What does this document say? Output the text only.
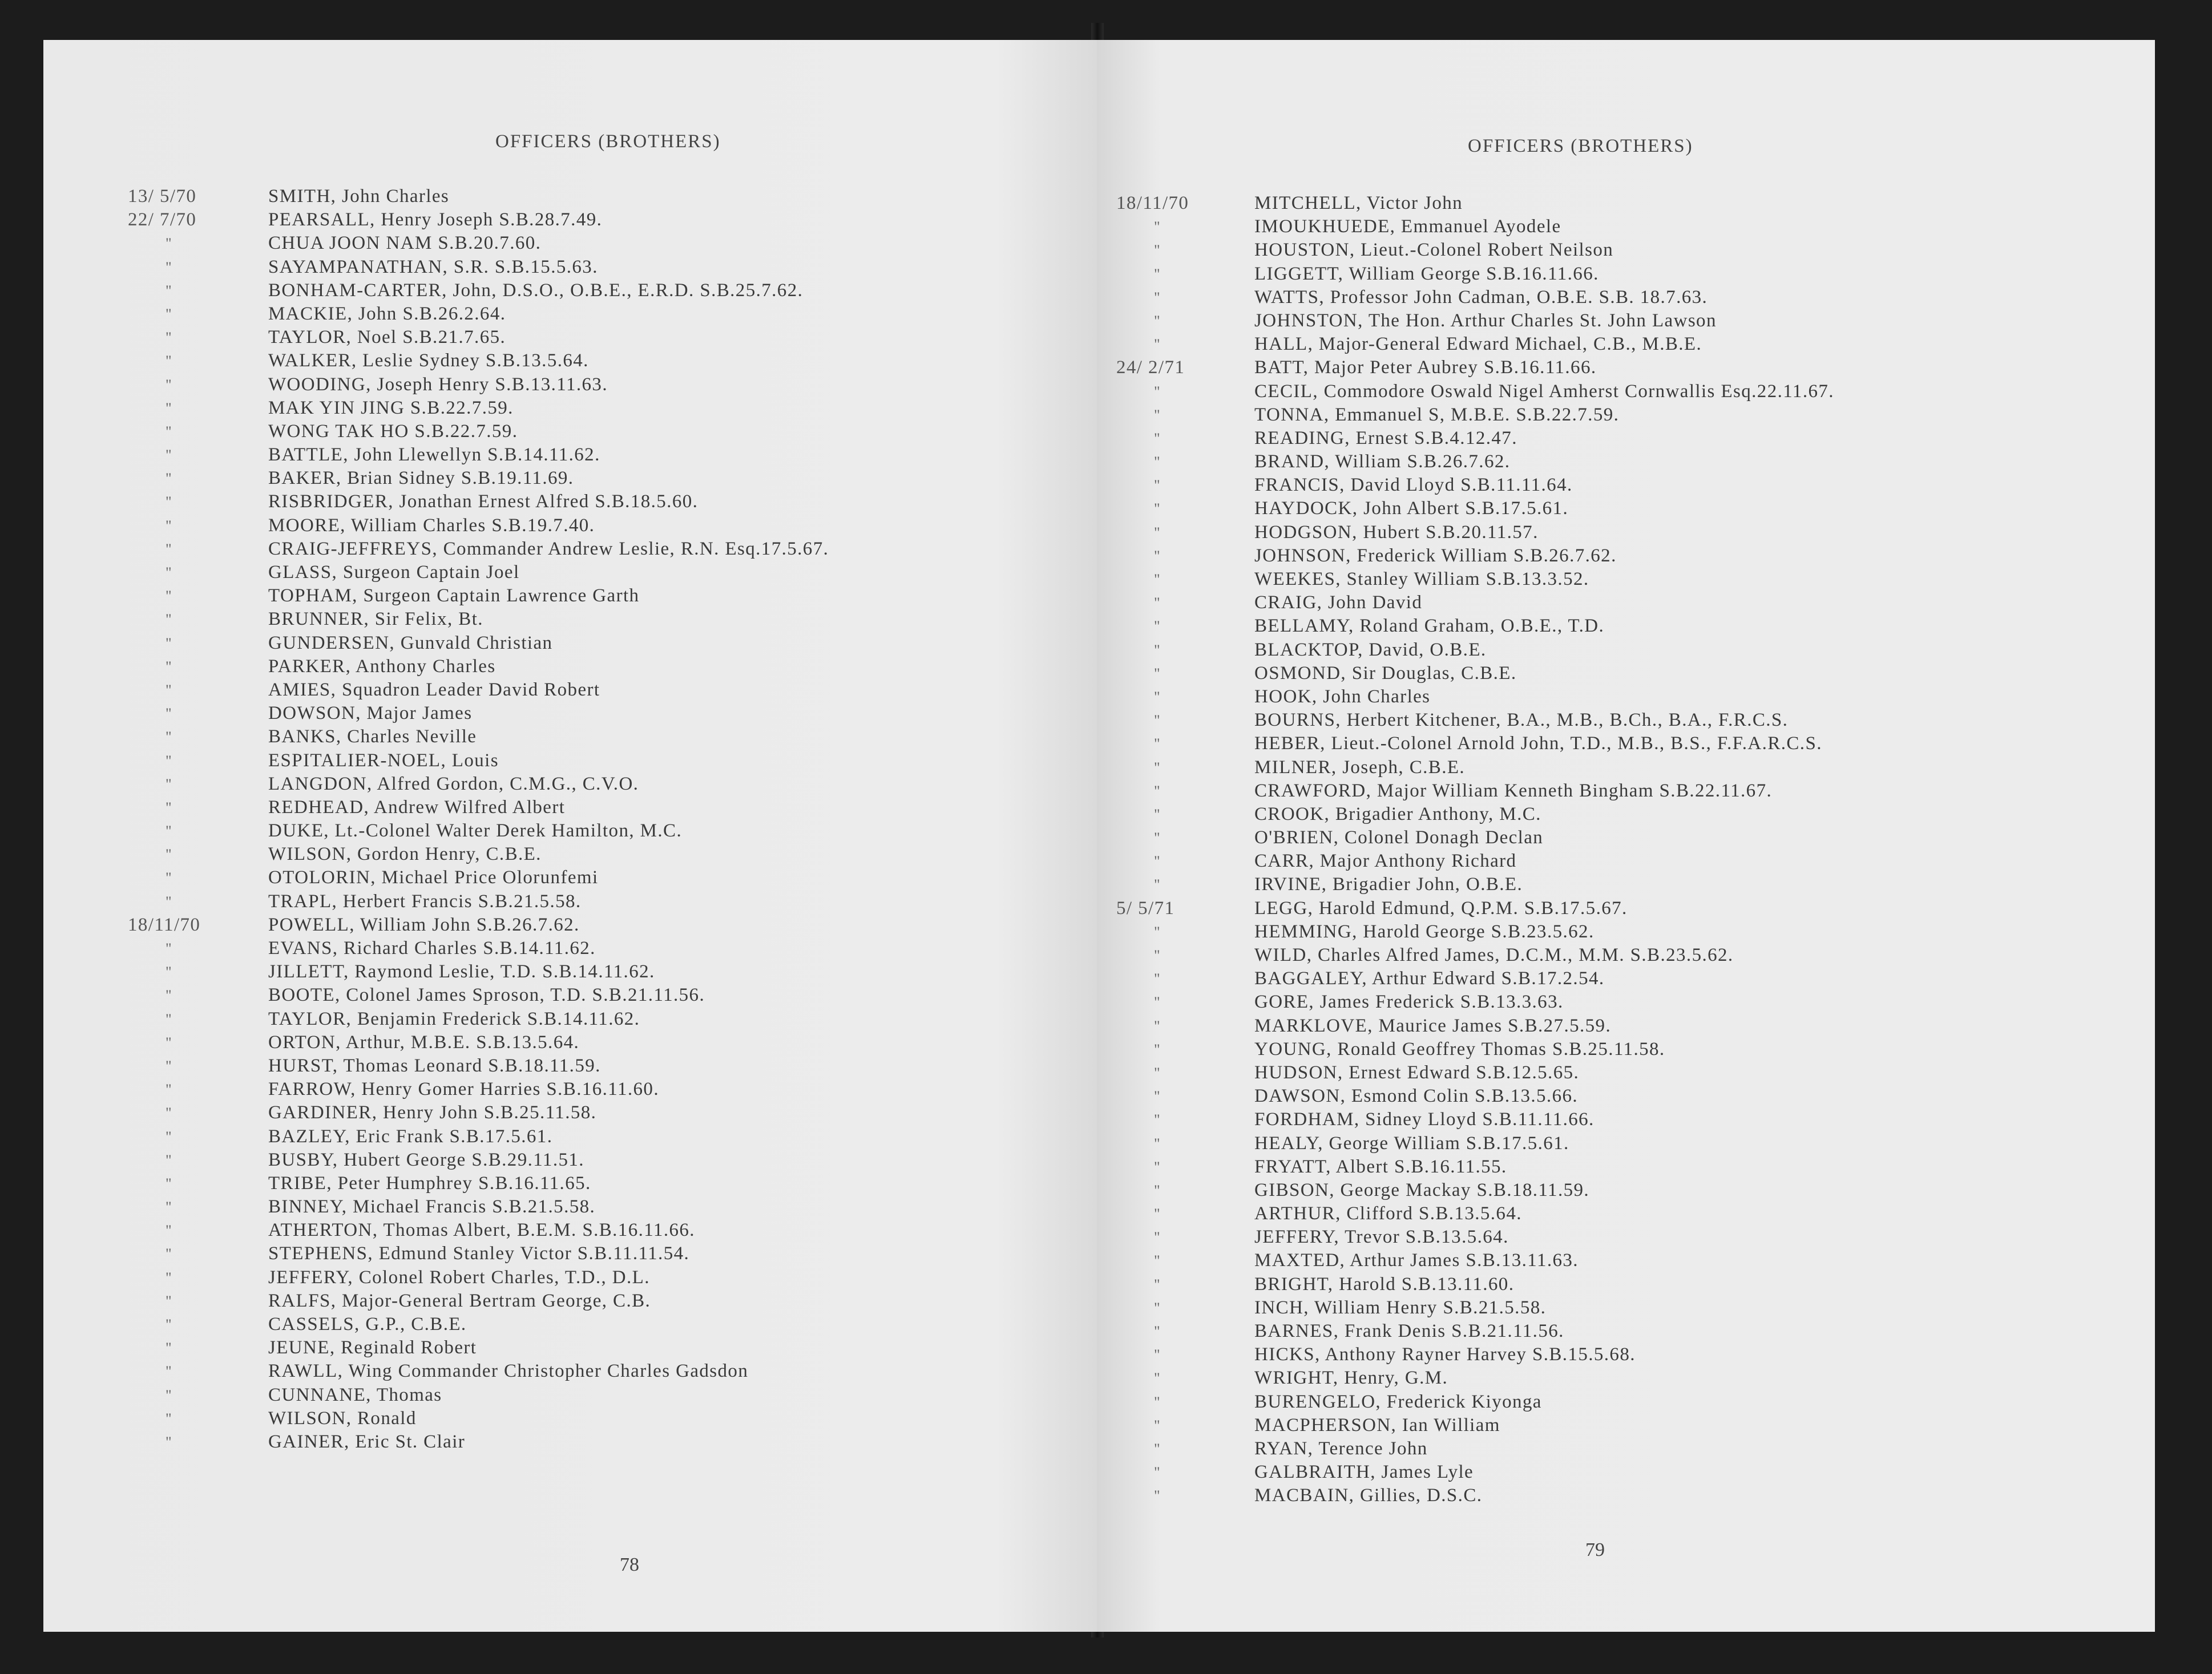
OFFICERS (BROTHERS)
13/ 5/70	SMITH, John Charles
22/ 7/70	PEARSALL, Henry Joseph S.B.28.7.49.
"	CHUA JOON NAM S.B.20.7.60.
"	SAYAMPANATHAN, S.R. S.B.15.5.63.
"	BONHAM-CARTER, John, D.S.O., O.B.E., E.R.D. S.B.25.7.62.
"	MACKIE, John S.B.26.2.64.
"	TAYLOR, Noel S.B.21.7.65.
"	WALKER, Leslie Sydney S.B.13.5.64.
"	WOODING, Joseph Henry S.B.13.11.63.
"	MAK YIN JING S.B.22.7.59.
"	WONG TAK HO S.B.22.7.59.
"	BATTLE, John Llewellyn S.B.14.11.62.
"	BAKER, Brian Sidney S.B.19.11.69.
"	RISBRIDGER, Jonathan Ernest Alfred S.B.18.5.60.
"	MOORE, William Charles S.B.19.7.40.
"	CRAIG-JEFFREYS, Commander Andrew Leslie, R.N. Esq.17.5.67.
"	GLASS, Surgeon Captain Joel
"	TOPHAM, Surgeon Captain Lawrence Garth
"	BRUNNER, Sir Felix, Bt.
"	GUNDERSEN, Gunvald Christian
"	PARKER, Anthony Charles
"	AMIES, Squadron Leader David Robert
"	DOWSON, Major James
"	BANKS, Charles Neville
"	ESPITALIER-NOEL, Louis
"	LANGDON, Alfred Gordon, C.M.G., C.V.O.
"	REDHEAD, Andrew Wilfred Albert
"	DUKE, Lt.-Colonel Walter Derek Hamilton, M.C.
"	WILSON, Gordon Henry, C.B.E.
"	OTOLORIN, Michael Price Olorunfemi
"	TRAPL, Herbert Francis S.B.21.5.58.
18/11/70	POWELL, William John S.B.26.7.62.
"	EVANS, Richard Charles S.B.14.11.62.
"	JILLETT, Raymond Leslie, T.D. S.B.14.11.62.
"	BOOTE, Colonel James Sproson, T.D. S.B.21.11.56.
"	TAYLOR, Benjamin Frederick S.B.14.11.62.
"	ORTON, Arthur, M.B.E. S.B.13.5.64.
"	HURST, Thomas Leonard S.B.18.11.59.
"	FARROW, Henry Gomer Harries S.B.16.11.60.
"	GARDINER, Henry John S.B.25.11.58.
"	BAZLEY, Eric Frank S.B.17.5.61.
"	BUSBY, Hubert George S.B.29.11.51.
"	TRIBE, Peter Humphrey S.B.16.11.65.
"	BINNEY, Michael Francis S.B.21.5.58.
"	ATHERTON, Thomas Albert, B.E.M. S.B.16.11.66.
"	STEPHENS, Edmund Stanley Victor S.B.11.11.54.
"	JEFFERY, Colonel Robert Charles, T.D., D.L.
"	RALFS, Major-General Bertram George, C.B.
"	CASSELS, G.P., C.B.E.
"	JEUNE, Reginald Robert
"	RAWLL, Wing Commander Christopher Charles Gadsdon
"	CUNNANE, Thomas
"	WILSON, Ronald
"	GAINER, Eric St. Clair
78
OFFICERS (BROTHERS)
18/11/70	MITCHELL, Victor John
"	IMOUKHUEDE, Emmanuel Ayodele
"	HOUSTON, Lieut.-Colonel Robert Neilson
"	LIGGETT, William George S.B.16.11.66.
"	WATTS, Professor John Cadman, O.B.E. S.B. 18.7.63.
"	JOHNSTON, The Hon. Arthur Charles St. John Lawson
"	HALL, Major-General Edward Michael, C.B., M.B.E.
24/ 2/71	BATT, Major Peter Aubrey S.B.16.11.66.
"	CECIL, Commodore Oswald Nigel Amherst Cornwallis Esq.22.11.67.
"	TONNA, Emmanuel S, M.B.E. S.B.22.7.59.
"	READING, Ernest S.B.4.12.47.
"	BRAND, William S.B.26.7.62.
"	FRANCIS, David Lloyd S.B.11.11.64.
"	HAYDOCK, John Albert S.B.17.5.61.
"	HODGSON, Hubert S.B.20.11.57.
"	JOHNSON, Frederick William S.B.26.7.62.
"	WEEKES, Stanley William S.B.13.3.52.
"	CRAIG, John David
"	BELLAMY, Roland Graham, O.B.E., T.D.
"	BLACKTOP, David, O.B.E.
"	OSMOND, Sir Douglas, C.B.E.
"	HOOK, John Charles
"	BOURNS, Herbert Kitchener, B.A., M.B., B.Ch., B.A., F.R.C.S.
"	HEBER, Lieut.-Colonel Arnold John, T.D., M.B., B.S., F.F.A.R.C.S.
"	MILNER, Joseph, C.B.E.
"	CRAWFORD, Major William Kenneth Bingham S.B.22.11.67.
"	CROOK, Brigadier Anthony, M.C.
"	O'BRIEN, Colonel Donagh Declan
"	CARR, Major Anthony Richard
"	IRVINE, Brigadier John, O.B.E.
5/ 5/71	LEGG, Harold Edmund, Q.P.M. S.B.17.5.67.
"	HEMMING, Harold George S.B.23.5.62.
"	WILD, Charles Alfred James, D.C.M., M.M. S.B.23.5.62.
"	BAGGALEY, Arthur Edward S.B.17.2.54.
"	GORE, James Frederick S.B.13.3.63.
"	MARKLOVE, Maurice James S.B.27.5.59.
"	YOUNG, Ronald Geoffrey Thomas S.B.25.11.58.
"	HUDSON, Ernest Edward S.B.12.5.65.
"	DAWSON, Esmond Colin S.B.13.5.66.
"	FORDHAM, Sidney Lloyd S.B.11.11.66.
"	HEALY, George William S.B.17.5.61.
"	FRYATT, Albert S.B.16.11.55.
"	GIBSON, George Mackay S.B.18.11.59.
"	ARTHUR, Clifford S.B.13.5.64.
"	JEFFERY, Trevor S.B.13.5.64.
"	MAXTED, Arthur James S.B.13.11.63.
"	BRIGHT, Harold S.B.13.11.60.
"	INCH, William Henry S.B.21.5.58.
"	BARNES, Frank Denis S.B.21.11.56.
"	HICKS, Anthony Rayner Harvey S.B.15.5.68.
"	WRIGHT, Henry, G.M.
"	BURENGELO, Frederick Kiyonga
"	MACPHERSON, Ian William
"	RYAN, Terence John
"	GALBRAITH, James Lyle
"	MACBAIN, Gillies, D.S.C.
79
